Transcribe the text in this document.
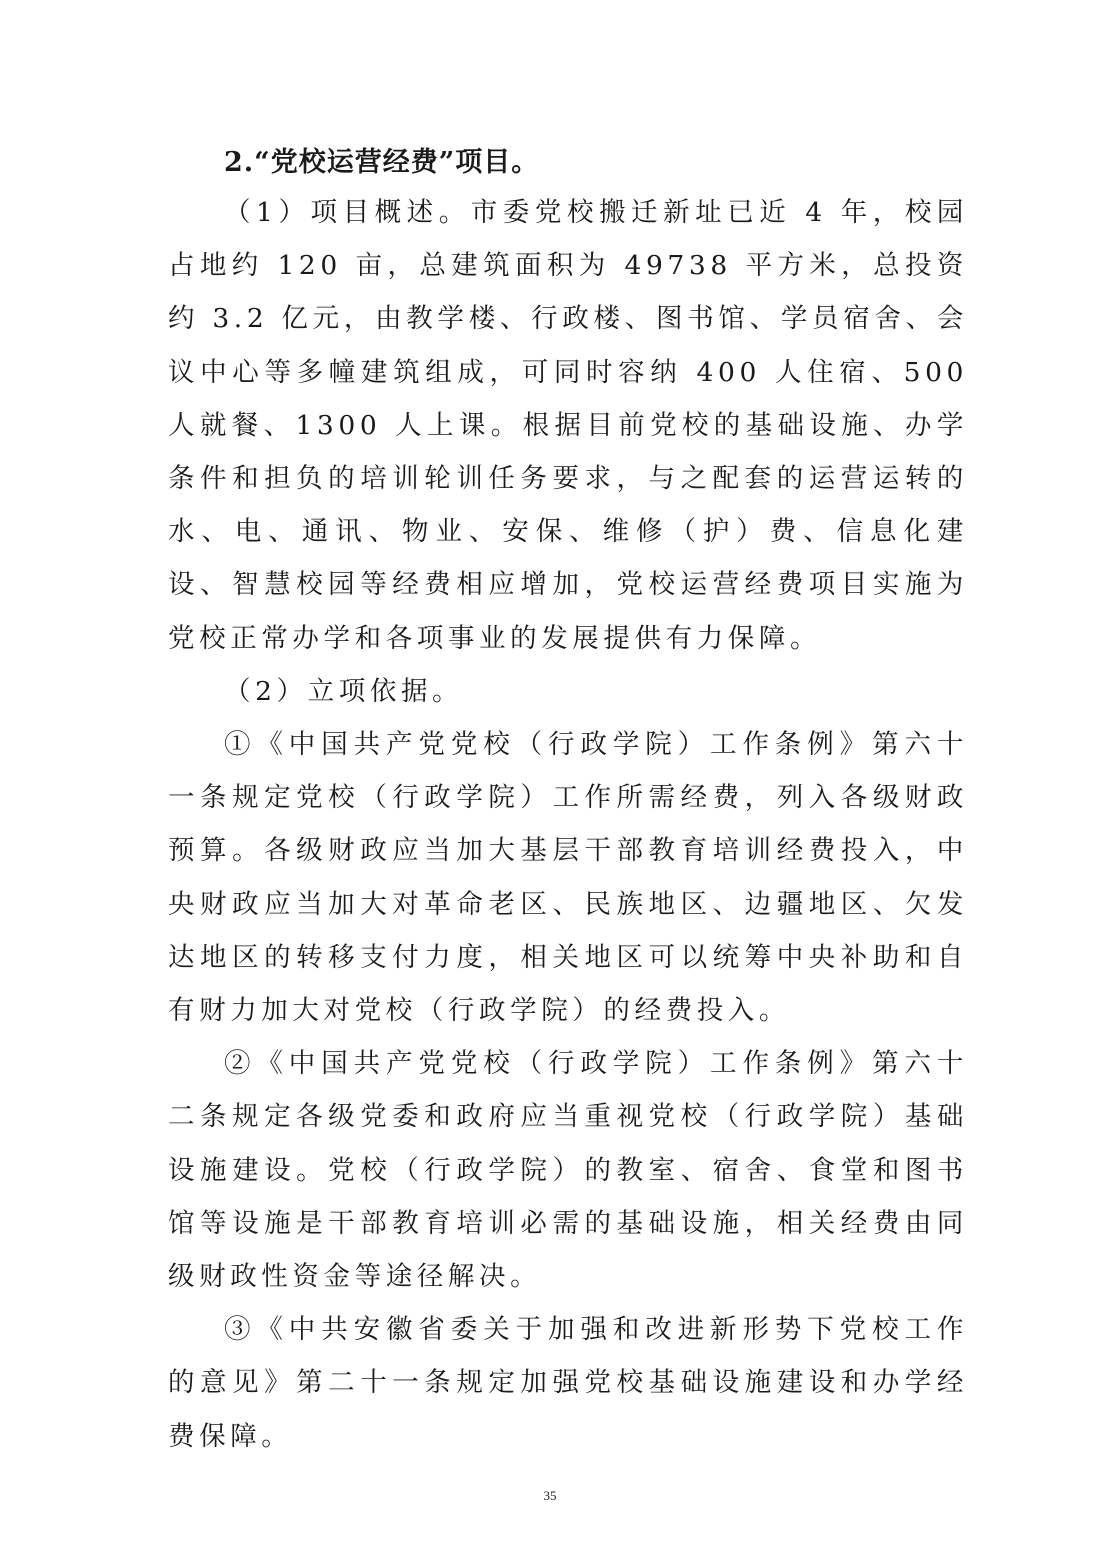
2.“党校运营经费”项目。

（1）项目概述。市委党校搬迁新址已近 4 年，校园占地约 120 亩，总建筑面积为 49738 平方米，总投资约 3.2 亿元，由教学楼、行政楼、图书馆、学员宿舍、会议中心等多幢建筑组成，可同时容纳 400 人住宿、500 人就餐、1300 人上课。根据目前党校的基础设施、办学条件和担负的培训轮训任务要求，与之配套的运营运转的水、电、通讯、物业、安保、维修（护）费、信息化建设、智慧校园等经费相应增加，党校运营经费项目实施为党校正常办学和各项事业的发展提供有力保障。

（2）立项依据。

①《中国共产党党校（行政学院）工作条例》第六十一条规定党校（行政学院）工作所需经费，列入各级财政预算。各级财政应当加大基层干部教育培训经费投入，中央财政应当加大对革命老区、民族地区、边疆地区、欠发达地区的转移支付力度，相关地区可以统筹中央补助和自有财力加大对党校（行政学院）的经费投入。

②《中国共产党党校（行政学院）工作条例》第六十二条规定各级党委和政府应当重视党校（行政学院）基础设施建设。党校（行政学院）的教室、宿舍、食堂和图书馆等设施是干部教育培训必需的基础设施，相关经费由同级财政性资金等途径解决。

③《中共安徽省委关于加强和改进新形势下党校工作的意见》第二十一条规定加强党校基础设施建设和办学经费保障。

35
